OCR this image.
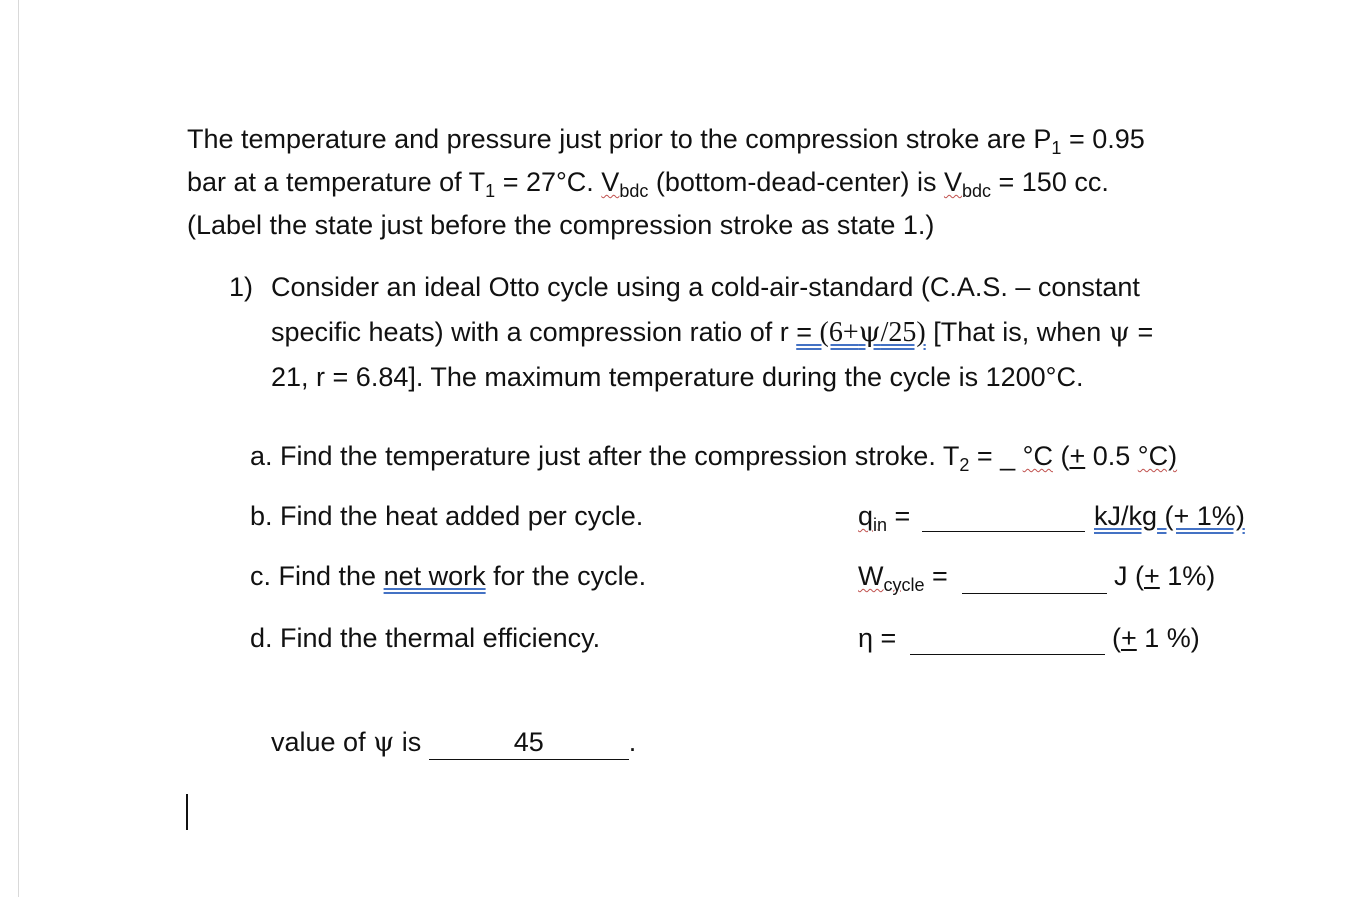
The temperature and pressure just prior to the compression stroke are $P_1 = 0.95$
bar at a temperature of $T_1 = 27^\circ C$. $V_{bdc}$ (bottom-dead-center) is $V_{bdc} = 150$ cc.
(Label the state just before the compression stroke as state 1.)
1) Consider an ideal Otto cycle using a cold-air-standard (C.A.S. – constant
specific heats) with a compression ratio of r = (6+ψ/25) [That is, when ψ =
21, r = 6.84]. The maximum temperature during the cycle is 1200°C.
a. Find the temperature just after the compression stroke. $T_2$ = _ °C (+ 0.5 °C)
b. Find the heat added per cycle.	$q_{in}$ =	kJ/kg (+ 1%)
c. Find the net work for the cycle.	$W_{cycle}$ =	J (+ 1%)
d. Find the thermal efficiency.	η =	(+ 1 %)
value of ψ is	45	.
